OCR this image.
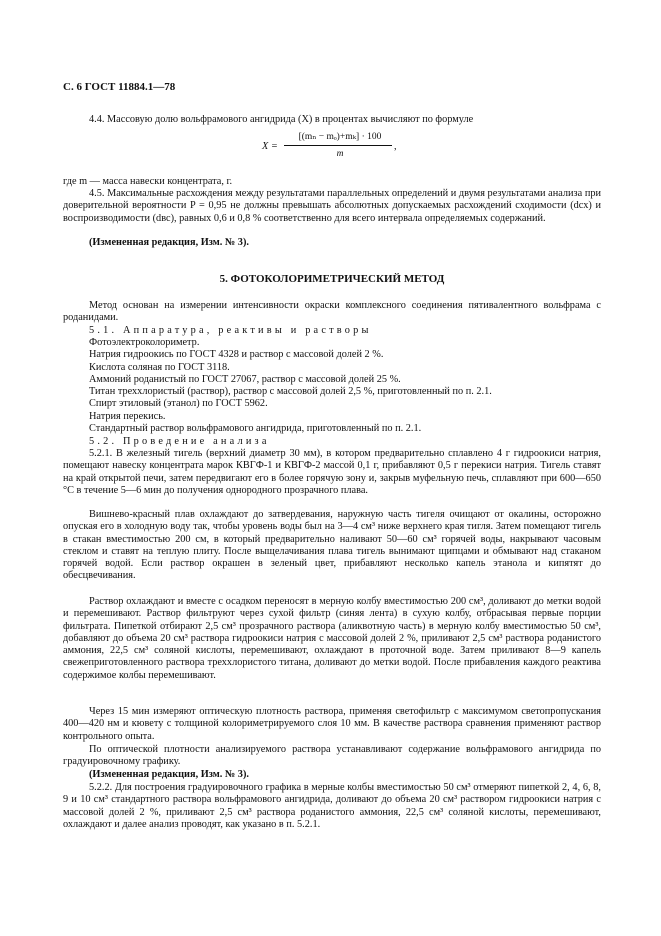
С. 6 ГОСТ 11884.1—78
4.4. Массовую долю вольфрамового ангидрида (X) в процентах вычисляют по формуле
X =
[(mₙ − mₒ)+mₖ] · 100
m
,
где m — масса навески концентрата, г.
4.5. Максимальные расхождения между результатами параллельных определений и двумя результатами анализа при доверительной вероятности P = 0,95 не должны превышать абсолютных допускаемых расхождений сходимости (dсх) и воспроизводимости (dвс), равных 0,6 и 0,8 % соответственно для всего интервала определяемых содержаний.
(Измененная редакция, Изм. № 3).
5. ФОТОКОЛОРИМЕТРИЧЕСКИЙ МЕТОД
Метод основан на измерении интенсивности окраски комплексного соединения пятивалентного вольфрама с роданидами.
5.1. Аппаратура, реактивы и растворы
Фотоэлектроколориметр.
Натрия гидроокись по ГОСТ 4328 и раствор с массовой долей 2 %.
Кислота соляная по ГОСТ 3118.
Аммоний роданистый по ГОСТ 27067, раствор с массовой долей 25 %.
Титан треххлористый (раствор), раствор с массовой долей 2,5 %, приготовленный по п. 2.1.
Спирт этиловый (этанол) по ГОСТ 5962.
Натрия перекись.
Стандартный раствор вольфрамового ангидрида, приготовленный по п. 2.1.
5.2. Проведение анализа
5.2.1. В железный тигель (верхний диаметр 30 мм), в котором предварительно сплавлено 4 г гидроокиси натрия, помещают навеску концентрата марок КВГФ-1 и КВГФ-2 массой 0,1 г, прибавляют 0,5 г перекиси натрия. Тигель ставят на край открытой печи, затем передвигают его в более горячую зону и, закрыв муфельную печь, сплавляют при 600—650 °С в течение 5—6 мин до получения однородного прозрачного плава.
Вишнево-красный плав охлаждают до затвердевания, наружную часть тигеля очищают от окалины, осторожно опуская его в холодную воду так, чтобы уровень воды был на 3—4 см³ ниже верхнего края тигля. Затем помещают тигель в стакан вместимостью 200 см, в который предварительно наливают 50—60 см³ горячей воды, накрывают часовым стеклом и ставят на теплую плиту. После выщелачивания плава тигель вынимают щипцами и обмывают над стаканом горячей водой. Если раствор окрашен в зеленый цвет, прибавляют несколько капель этанола и кипятят до обесцвечивания.
Раствор охлаждают и вместе с осадком переносят в мерную колбу вместимостью 200 см³, доливают до метки водой и перемешивают. Раствор фильтруют через сухой фильтр (синяя лента) в сухую колбу, отбрасывая первые порции фильтрата. Пипеткой отбирают 2,5 см³ прозрачного раствора (аликвотную часть) в мерную колбу вместимостью 50 см³, добавляют до объема 20 см³ раствора гидроокиси натрия с массовой долей 2 %, приливают 2,5 см³ раствора роданистого аммония, 22,5 см³ соляной кислоты, перемешивают, охлаждают в проточной воде. Затем приливают 8—9 капель свежеприготовленного раствора треххлористого титана, доливают до метки водой. После прибавления каждого реактива содержимое колбы перемешивают.
Через 15 мин измеряют оптическую плотность раствора, применяя светофильтр с максимумом светопропускания 400—420 нм и кювету с толщиной колориметрируемого слоя 10 мм. В качестве раствора сравнения применяют раствор контрольного опыта.
По оптической плотности анализируемого раствора устанавливают содержание вольфрамового ангидрида по градуировочному графику.
(Измененная редакция, Изм. № 3).
5.2.2. Для построения градуировочного графика в мерные колбы вместимостью 50 см³ отмеряют пипеткой 2, 4, 6, 8, 9 и 10 см³ стандартного раствора вольфрамового ангидрида, доливают до объема 20 см³ раствором гидроокиси натрия с массовой долей 2 %, приливают 2,5 см³ раствора роданистого аммония, 22,5 см³ соляной кислоты, перемешивают, охлаждают и далее анализ проводят, как указано в п. 5.2.1.
